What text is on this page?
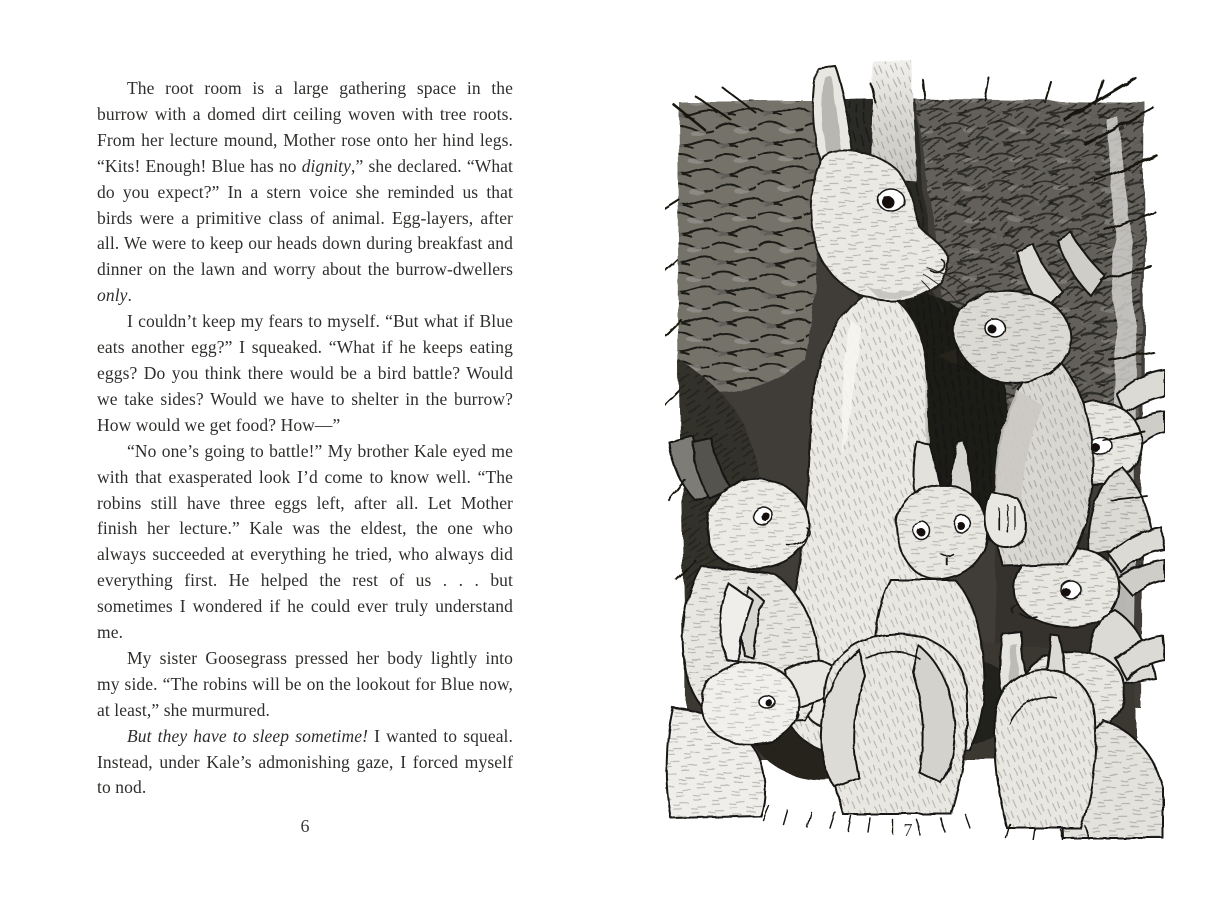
The root room is a large gathering space in the burrow with a domed dirt ceiling woven with tree roots. From her lecture mound, Mother rose onto her hind legs. “Kits! Enough! Blue has no dignity,” she declared. “What do you expect?” In a stern voice she reminded us that birds were a primitive class of animal. Egg-layers, after all. We were to keep our heads down during breakfast and dinner on the lawn and worry about the burrow-dwellers only.

I couldn’t keep my fears to myself. “But what if Blue eats another egg?” I squeaked. “What if he keeps eating eggs? Do you think there would be a bird battle? Would we take sides? Would we have to shelter in the burrow? How would we get food? How—”

“No one’s going to battle!” My brother Kale eyed me with that exasperated look I’d come to know well. “The robins still have three eggs left, after all. Let Mother finish her lecture.” Kale was the eldest, the one who always succeeded at everything he tried, who always did everything first. He helped the rest of us . . . but sometimes I wondered if he could ever truly understand me.

My sister Goosegrass pressed her body lightly into my side. “The robins will be on the lookout for Blue now, at least,” she murmured.

But they have to sleep sometime! I wanted to squeal. Instead, under Kale’s admonishing gaze, I forced myself to nod.

6	7
